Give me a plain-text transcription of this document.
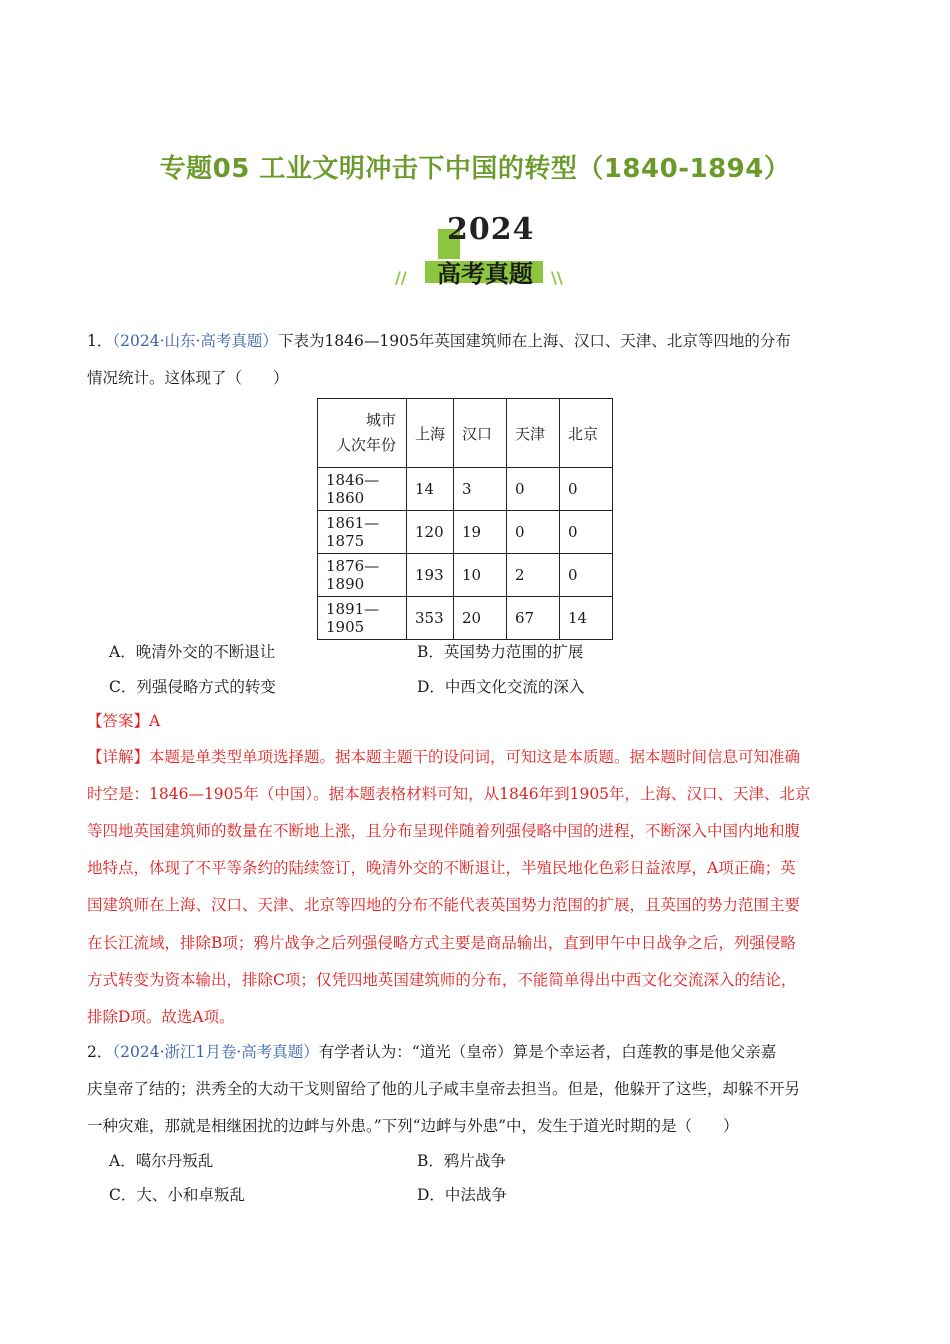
专题05 工业文明冲击下中国的转型（1840-1894）
2024
高考真题
//	\\
1．（2024·山东·高考真题）下表为1846—1905年英国建筑师在上海、汉口、天津、北京等四地的分布
情况统计。这体现了（　　）
城市
人次年份	上海	汉口	天津	北京
1846—1860	14	3	0	0
1861—1875	120	19	0	0
1876—1890	193	10	2	0
1891—1905	353	20	67	14
A．晚清外交的不断退让	B．英国势力范围的扩展
C．列强侵略方式的转变	D．中西文化交流的深入
【答案】A
【详解】本题是单类型单项选择题。据本题主题干的设问词，可知这是本质题。据本题时间信息可知准确
时空是：1846—1905年（中国）。据本题表格材料可知，从1846年到1905年，上海、汉口、天津、北京
等四地英国建筑师的数量在不断地上涨，且分布呈现伴随着列强侵略中国的进程，不断深入中国内地和腹
地特点，体现了不平等条约的陆续签订，晚清外交的不断退让，半殖民地化色彩日益浓厚，A项正确；英
国建筑师在上海、汉口、天津、北京等四地的分布不能代表英国势力范围的扩展，且英国的势力范围主要
在长江流域，排除B项；鸦片战争之后列强侵略方式主要是商品输出，直到甲午中日战争之后，列强侵略
方式转变为资本输出，排除C项；仅凭四地英国建筑师的分布，不能简单得出中西文化交流深入的结论，
排除D项。故选A项。
2．（2024·浙江1月卷·高考真题）有学者认为：“道光（皇帝）算是个幸运者，白莲教的事是他父亲嘉
庆皇帝了结的；洪秀全的大动干戈则留给了他的儿子咸丰皇帝去担当。但是，他躲开了这些，却躲不开另
一种灾难，那就是相继困扰的边衅与外患。”下列“边衅与外患”中，发生于道光时期的是（　　）
A．噶尔丹叛乱	B．鸦片战争
C．大、小和卓叛乱	D．中法战争
